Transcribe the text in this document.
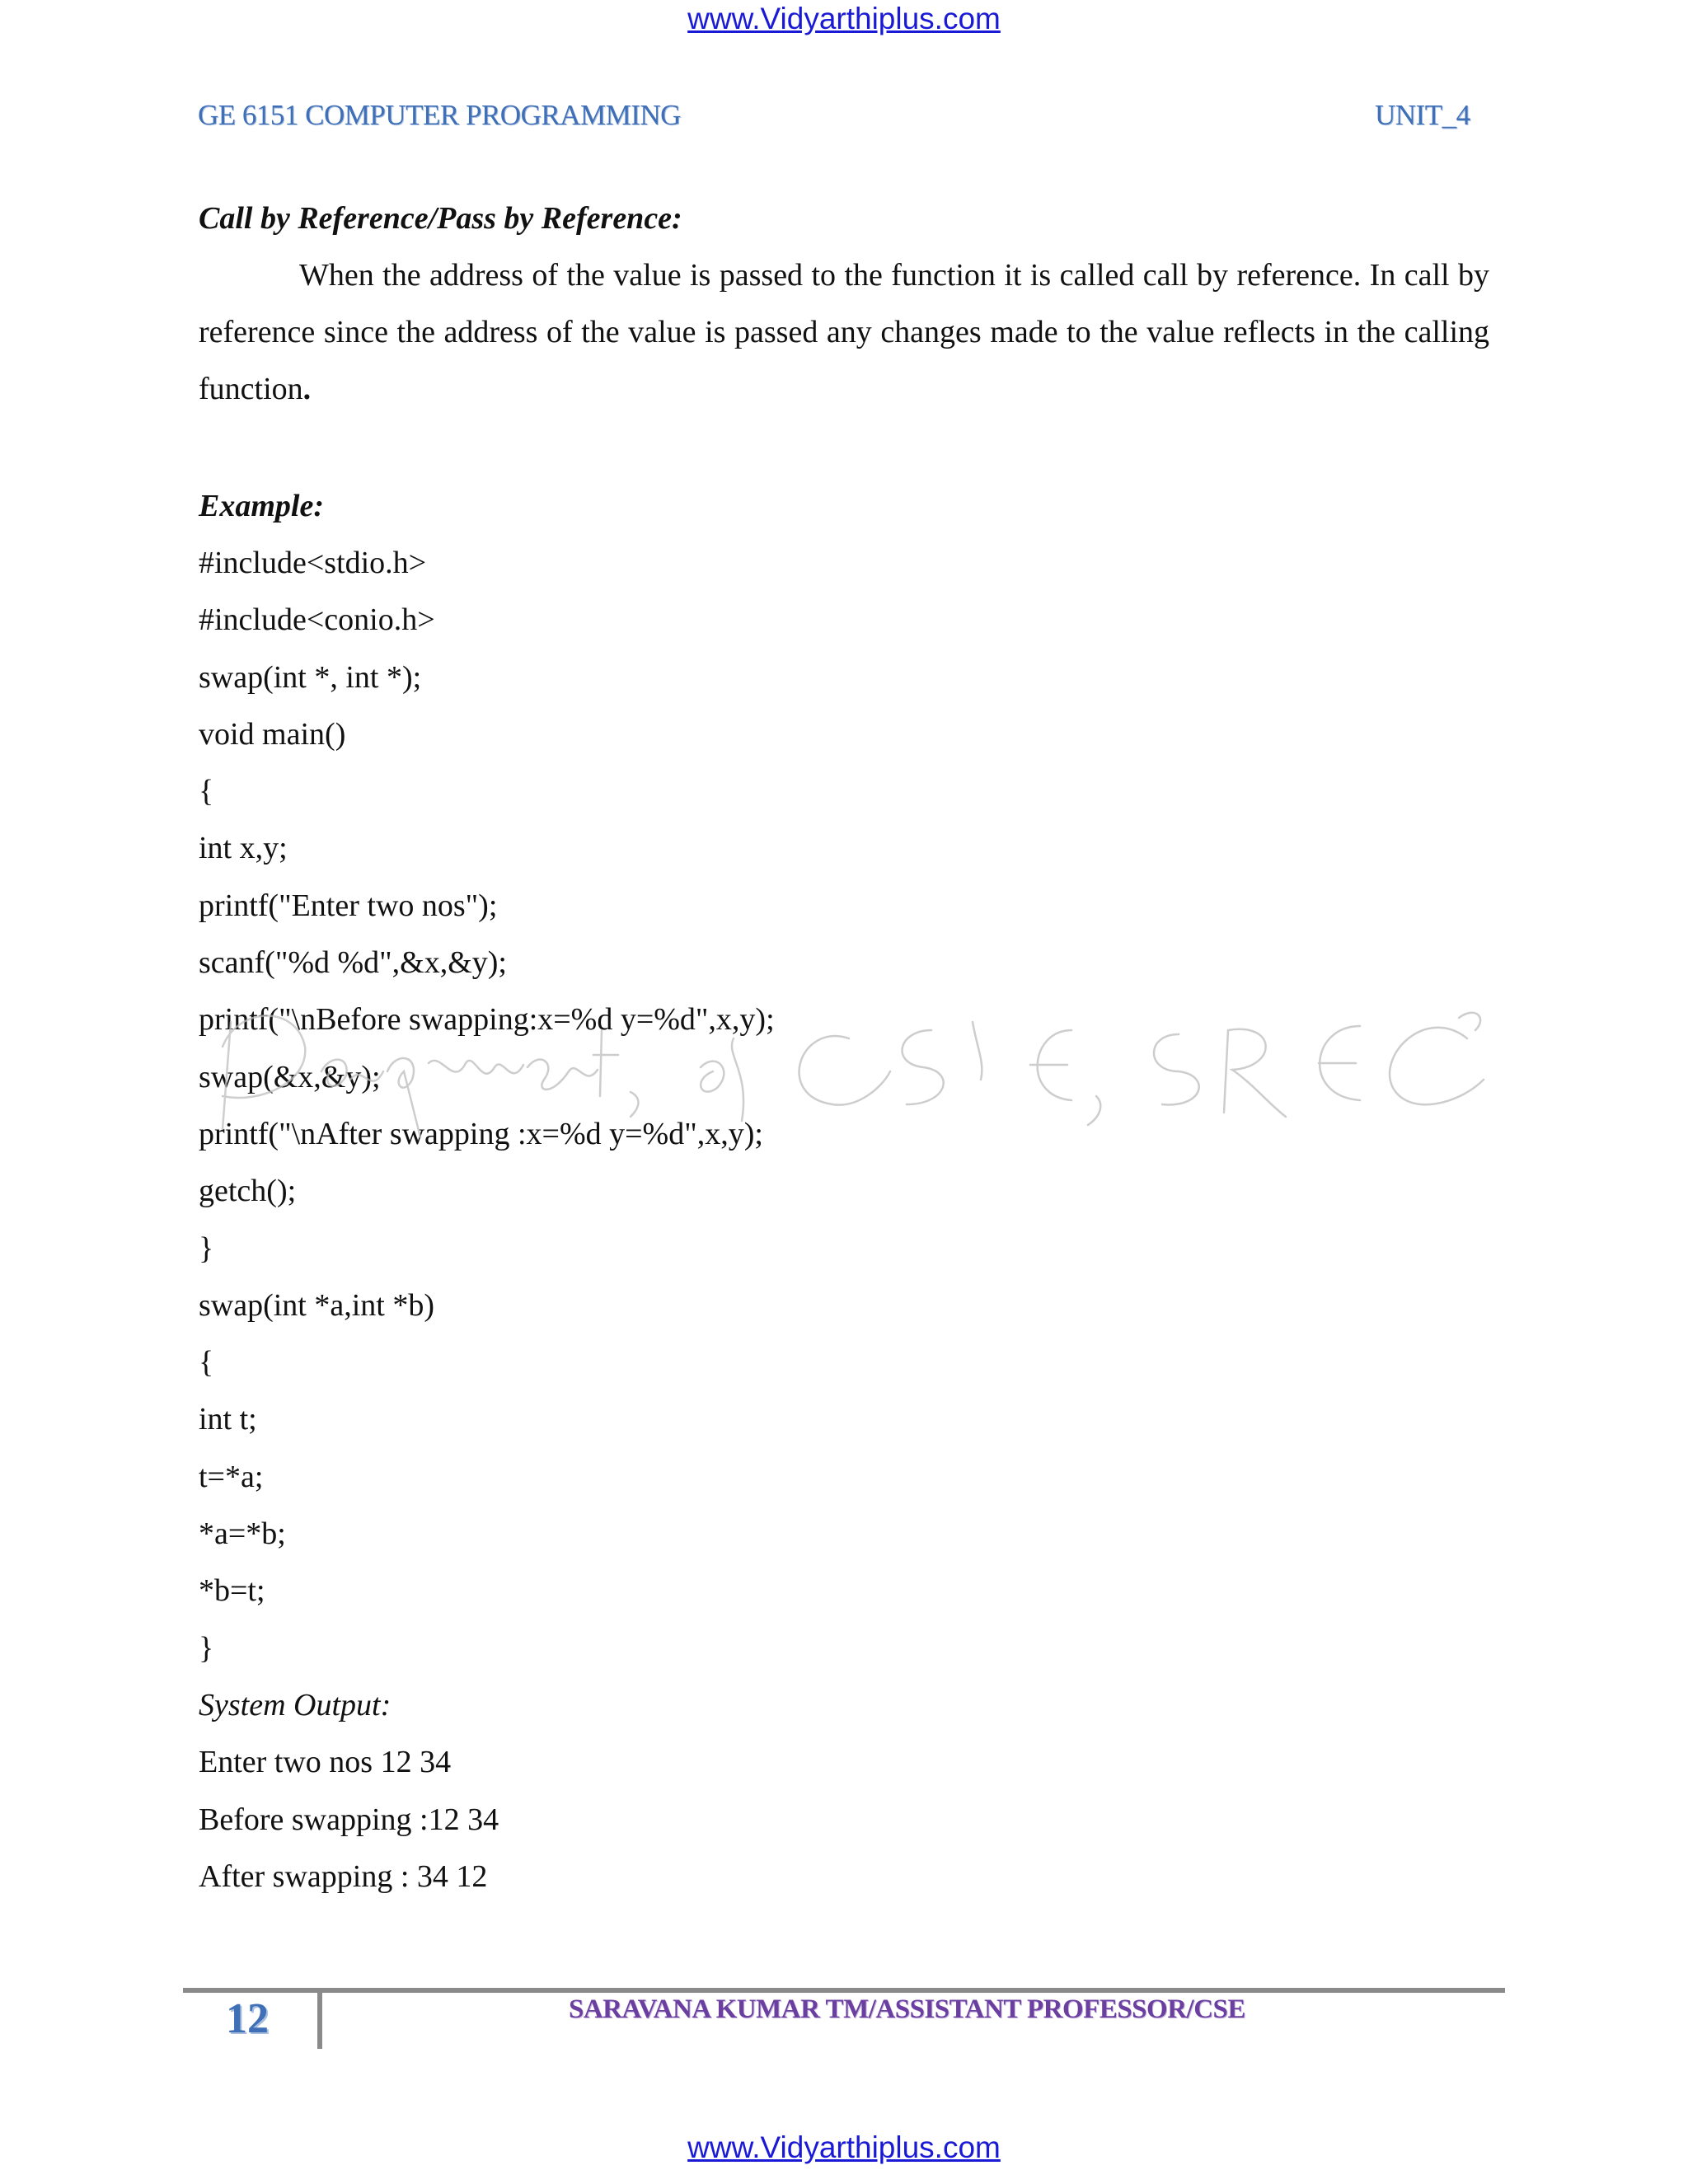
www.Vidyarthiplus.com
GE 6151 COMPUTER PROGRAMMING	UNIT_4

Call by Reference/Pass by Reference:

When the address of the value is passed to the function it is called call by reference. In call by reference since the address of the value is passed any changes made to the value reflects in the calling function.

Example:

#include<stdio.h>
#include<conio.h>
swap(int *, int *);
void main()
{
int x,y;
printf("Enter two nos");
scanf("%d %d",&x,&y);
printf("\nBefore swapping:x=%d y=%d",x,y);
swap(&x,&y);
printf("\nAfter swapping :x=%d y=%d",x,y);
getch();
}
swap(int *a,int *b)
{
int t;
t=*a;
*a=*b;
*b=t;
}
System Output:
Enter two nos 12 34
Before swapping :12 34
After swapping : 34 12
12	SARAVANA KUMAR TM/ASSISTANT PROFESSOR/CSE
www.Vidyarthiplus.com
